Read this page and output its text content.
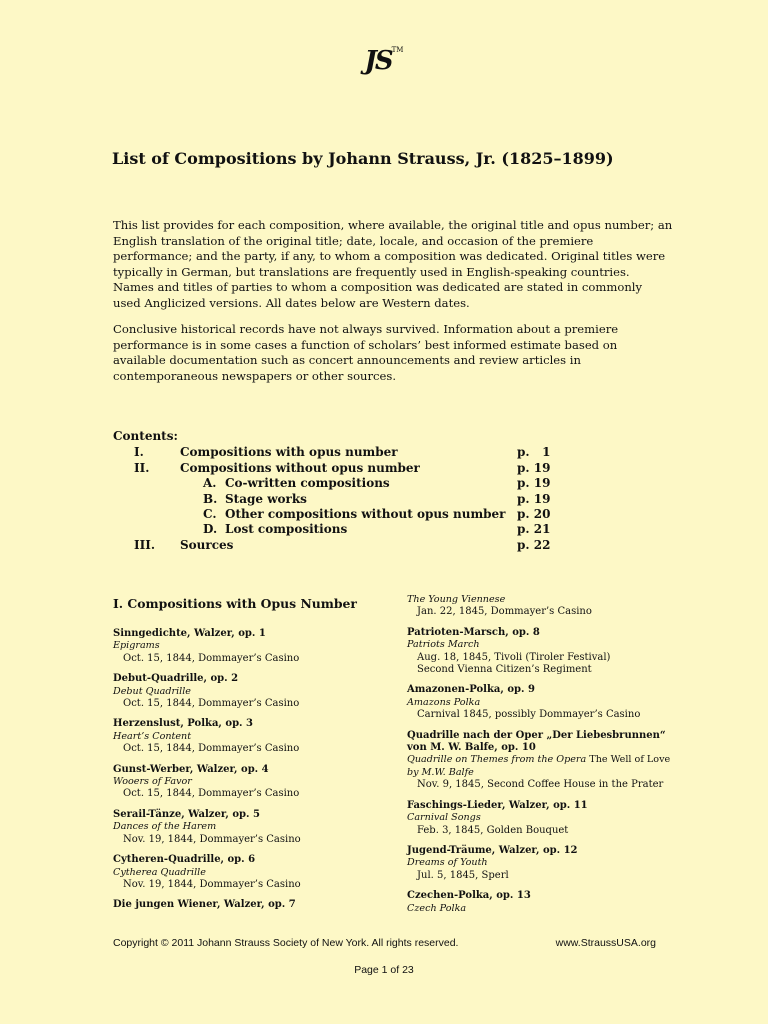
JS™
List of Compositions by Johann Strauss, Jr. (1825–1899)

This list provides for each composition, where available, the original title and opus number; an English translation of the original title; date, locale, and occasion of the premiere performance; and the party, if any, to whom a composition was dedicated. Original titles were typically in German, but translations are frequently used in English-speaking countries. Names and titles of parties to whom a composition was dedicated are stated in commonly used Anglicized versions. All dates below are Western dates.

Conclusive historical records have not always survived. Information about a premiere performance is in some cases a function of scholars’ best informed estimate based on available documentation such as concert announcements and review articles in contemporaneous newspapers or other sources.

Contents:
I.	Compositions with opus number	p.   1
II.	Compositions without opus number	p. 19
A. Co-written compositions	p. 19
B. Stage works	p. 19
C. Other compositions without opus number p. 20
D. Lost compositions	p. 21
III. Sources	p. 22
I. Compositions with Opus Number
Sinngedichte, Walzer, op. 1
Epigrams
Oct. 15, 1844, Dommayer’s Casino
Debut-Quadrille, op. 2
Debut Quadrille
Oct. 15, 1844, Dommayer’s Casino
Herzenslust, Polka, op. 3
Heart’s Content
Oct. 15, 1844, Dommayer’s Casino
Gunst-Werber, Walzer, op. 4
Wooers of Favor
Oct. 15, 1844, Dommayer’s Casino
Serail-Tänze, Walzer, op. 5
Dances of the Harem
Nov. 19, 1844, Dommayer’s Casino
Cytheren-Quadrille, op. 6
Cytherea Quadrille
Nov. 19, 1844, Dommayer’s Casino
Die jungen Wiener, Walzer, op. 7
The Young Viennese
Jan. 22, 1845, Dommayer’s Casino
Patrioten-Marsch, op. 8
Patriots March
Aug. 18, 1845, Tivoli (Tiroler Festival)
Second Vienna Citizen’s Regiment
Amazonen-Polka, op. 9
Amazons Polka
Carnival 1845, possibly Dommayer’s Casino
Quadrille nach der Oper „Der Liebesbrunnen“ von M. W. Balfe, op. 10
Quadrille on Themes from the Opera The Well of Love by M.W. Balfe
Nov. 9, 1845, Second Coffee House in the Prater
Faschings-Lieder, Walzer, op. 11
Carnival Songs
Feb. 3, 1845, Golden Bouquet
Jugend-Träume, Walzer, op. 12
Dreams of Youth
Jul. 5, 1845, Sperl
Czechen-Polka, op. 13
Czech Polka
Copyright © 2011 Johann Strauss Society of New York. All rights reserved.	www.StraussUSA.org
Page 1 of 23
